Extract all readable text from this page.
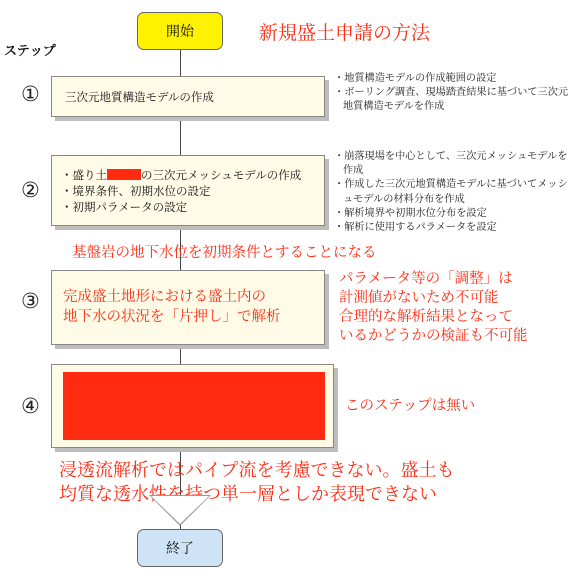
開始	新規盛土申請の方法
ステップ
① 三次元地質構造モデルの作成
・地質構造モデルの作成範囲の設定
・ボーリング調査、現場踏査結果に基づいて三次元地質構造モデルを作成
②
・盛り土	の三次元メッシュモデルの作成
・境界条件、初期水位の設定
・初期パラメータの設定
・崩落現場を中心として、三次元メッシュモデルを作成
・作成した三次元地質構造モデルに基づいてメッシュモデルの材料分布を作成
・解析境界や初期水位分布を設定
・解析に使用するパラメータを設定
基盤岩の地下水位を初期条件とすることになる
③ 完成盛土地形における盛土内の
地下水の状況を「片押し」で解析
パラメータ等の「調整」は
計測値がないため不可能
合理的な解析結果となって
いるかどうかの検証も不可能
④	このステップは無い
浸透流解析ではパイプ流を考慮できない。盛土も
均質な透水性を持つ単一層としか表現できない
終了
